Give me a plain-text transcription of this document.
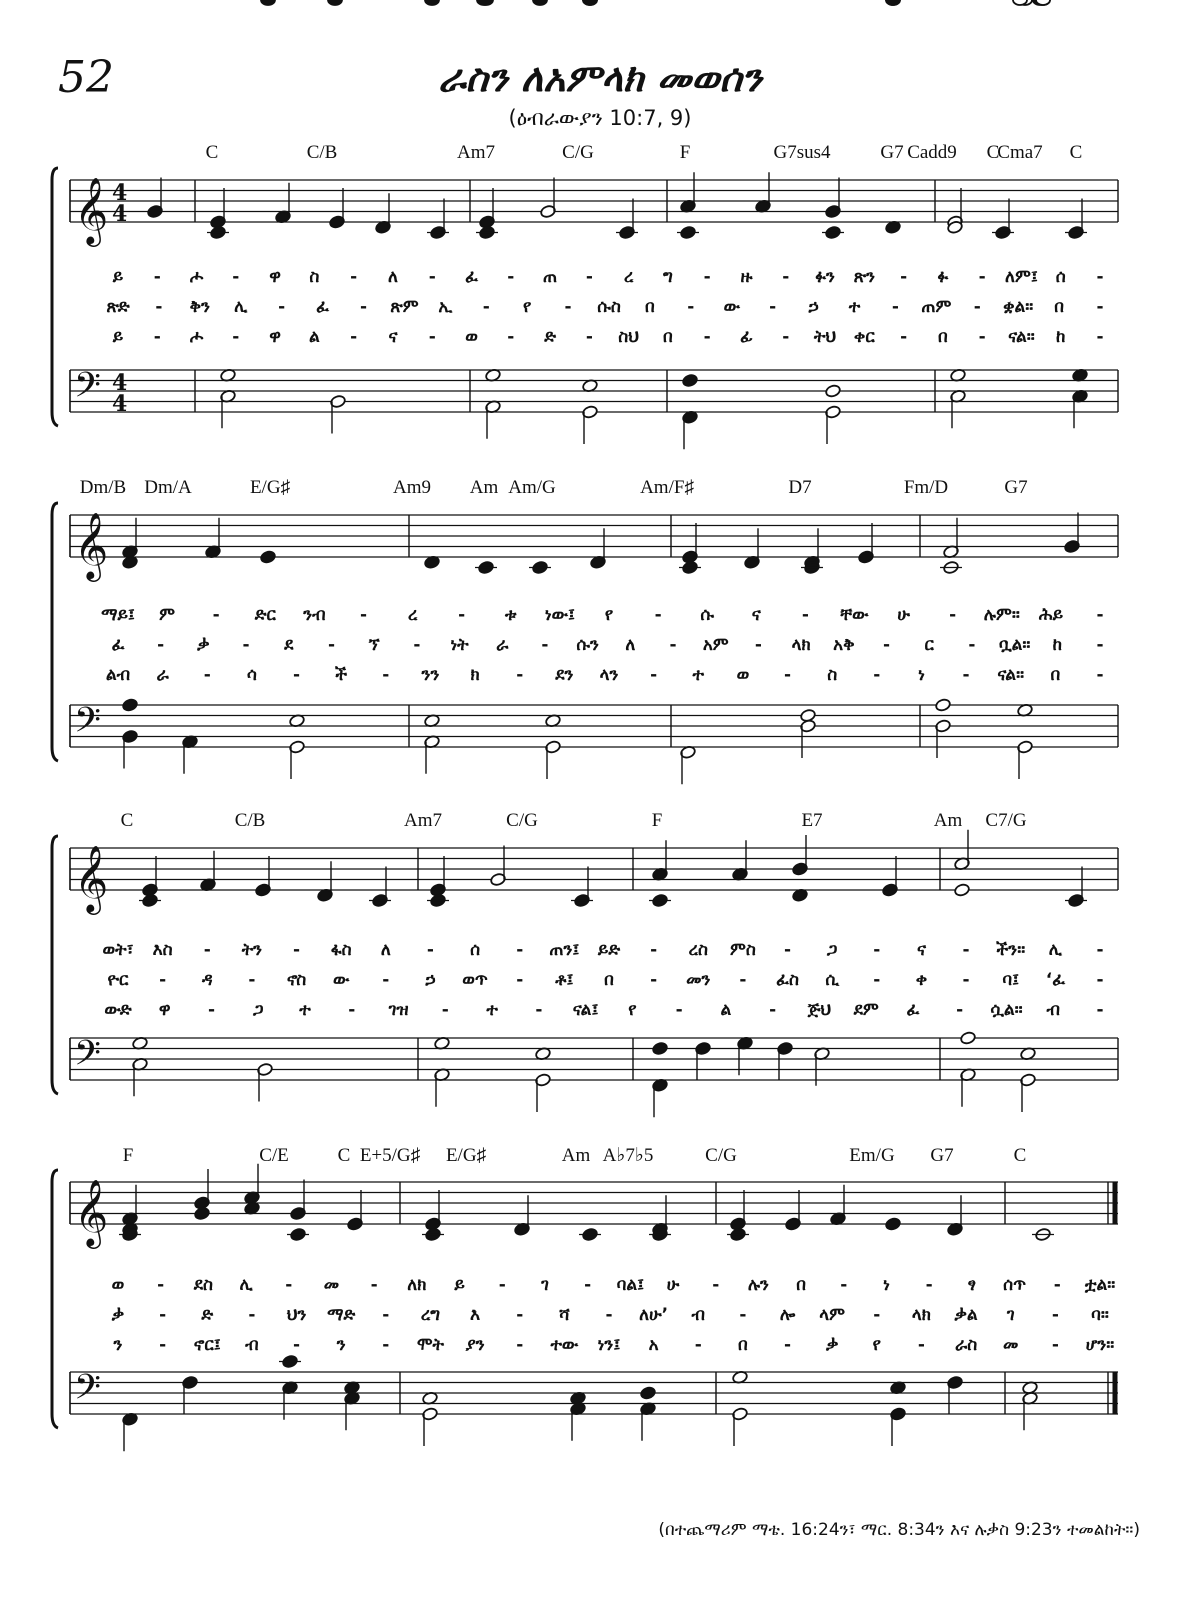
52	ራስን ለአምላክ መወሰን
(ዕብራውያን 10:7, 9)
𝄞 4
4
𝄢 4
4
C	C/B	Am7	C/G	F	G7sus4	G7 Cadd9 C
Cma7 C
ይ - ሖ - ዋ ስ - ለ - ፈ - ጠ - ረ ግ - ዙ - ፉን ጽን - ፉ - ለም፤ ሰ -
ጽድ - ቅን ሊ - ፈ - ጽም ኢ - የ - ሱስ በ - ው - ኃ ተ - ጠም - ቋል። በ -
ይ - ሖ - ዋ ል - ና - ወ - ድ - ስህ በ - ፊ - ትህ ቀር - በ - ናል። ከ -
𝄞
𝄢
Dm/B Dm/A	E/G♯	Am9 Am Am/G	Am/F♯	D7	Fm/D	G7
ማይ፤ ም - ድር ንብ - ረ - ቱ ነው፤ የ - ሱ ና - ቸው ሁ - ሉም። ሕይ -
ፈ - ቃ - ደ - ኘ - ነት ራ - ሱን ለ - አም - ላክ አቅ - ር - ቧል። ከ -
ልብ ራ - ሳ - ች - ንን ክ - ደን ላን - ተ ወ - ስ - ነ - ናል። በ -
𝄞
𝄢
C	C/B	Am7	C/G	F	E7	Am C7/G
ወት፣ እስ - ትን - ፋስ ለ - ሰ - ጠን፤ ይድ - ረስ ምስ - ጋ - ና - ችን። ሊ -
ዮር - ዳ - ኖስ ው - ኃ ወጥ - ቶ፤ በ - መን - ፈስ ሲ - ቀ - ባ፤ ‘ፈ -
ውድ ዋ - ጋ ተ - ገዝ - ተ - ናል፤ የ - ል - ጅህ ደም ፈ - ሷል። ብ -
𝄞
𝄢
F	C/E	C E+5/G♯ E/G♯	Am A♭7♭5	C/G	Em/G G7	C
ወ - ደስ ሊ - መ - ለክ ይ - ገ - ባል፤ ሁ - ሉን በ - ነ - ፃ ሰጥ - ቷል።
ቃ - ድ - ህን ማድ - ረግ እ - ሻ - ለሁ’ ብ - ሎ ላም - ላክ ቃል ገ - ባ።
ን - ኖር፤ ብ - ን - ሞት ያን - ተው ነን፤ አ - በ - ቃ የ - ራስ መ - ሆን።
(በተጨማሪም ማቴ. 16:24ን፣ ማር. 8:34ን እና ሉቃስ 9:23ን ተመልከት።)
